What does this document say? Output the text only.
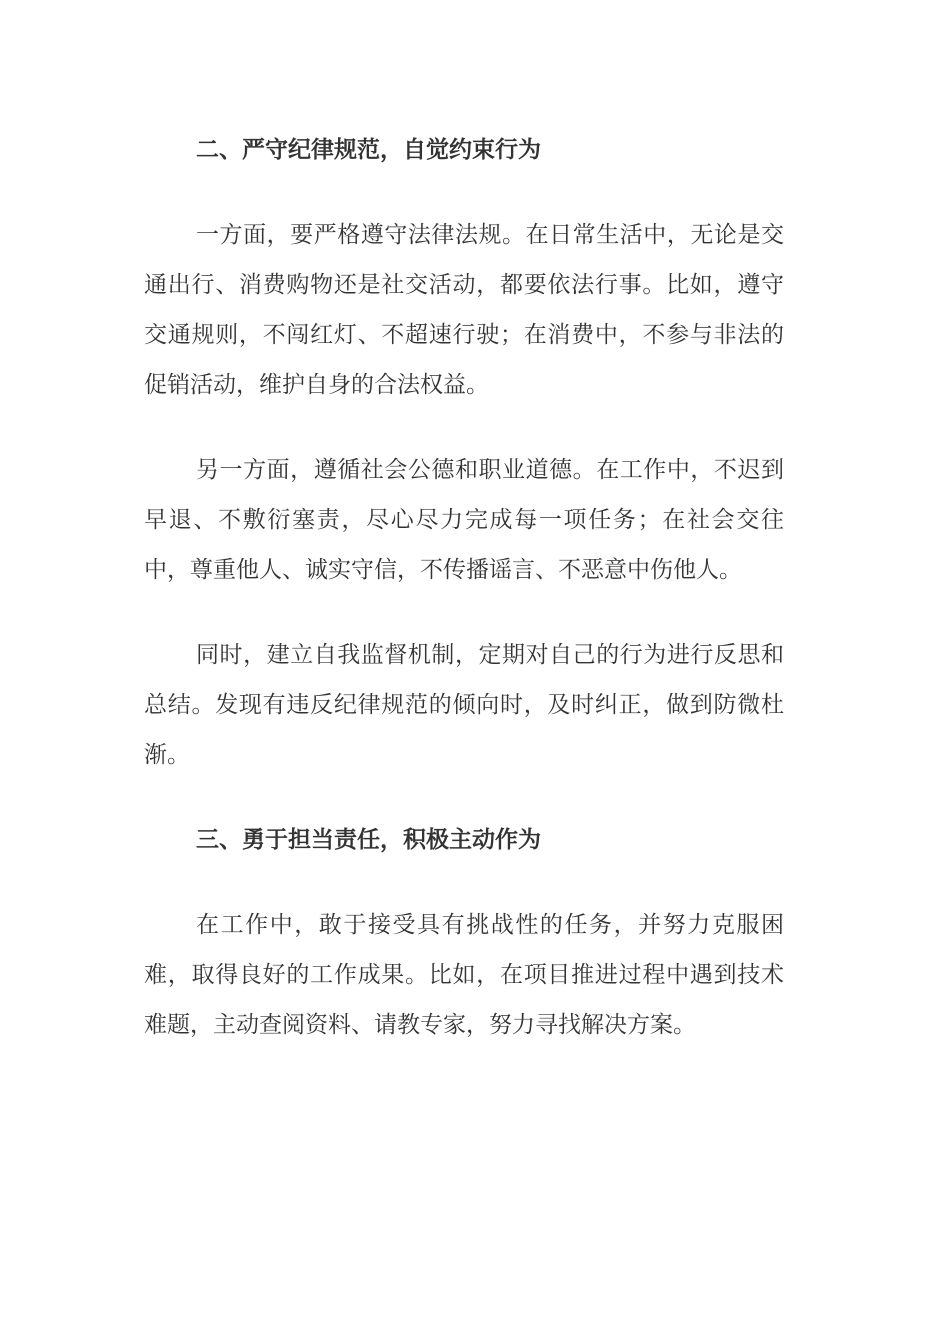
二、严守纪律规范，自觉约束行为
一方面，要严格遵守法律法规。在日常生活中，无论是交通出行、消费购物还是社交活动，都要依法行事。比如，遵守交通规则，不闯红灯、不超速行驶；在消费中，不参与非法的促销活动，维护自身的合法权益。
另一方面，遵循社会公德和职业道德。在工作中，不迟到早退、不敷衍塞责，尽心尽力完成每一项任务；在社会交往中，尊重他人、诚实守信，不传播谣言、不恶意中伤他人。
同时，建立自我监督机制，定期对自己的行为进行反思和总结。发现有违反纪律规范的倾向时，及时纠正，做到防微杜渐。
三、勇于担当责任，积极主动作为
在工作中，敢于接受具有挑战性的任务，并努力克服困难，取得良好的工作成果。比如，在项目推进过程中遇到技术难题，主动查阅资料、请教专家，努力寻找解决方案。
